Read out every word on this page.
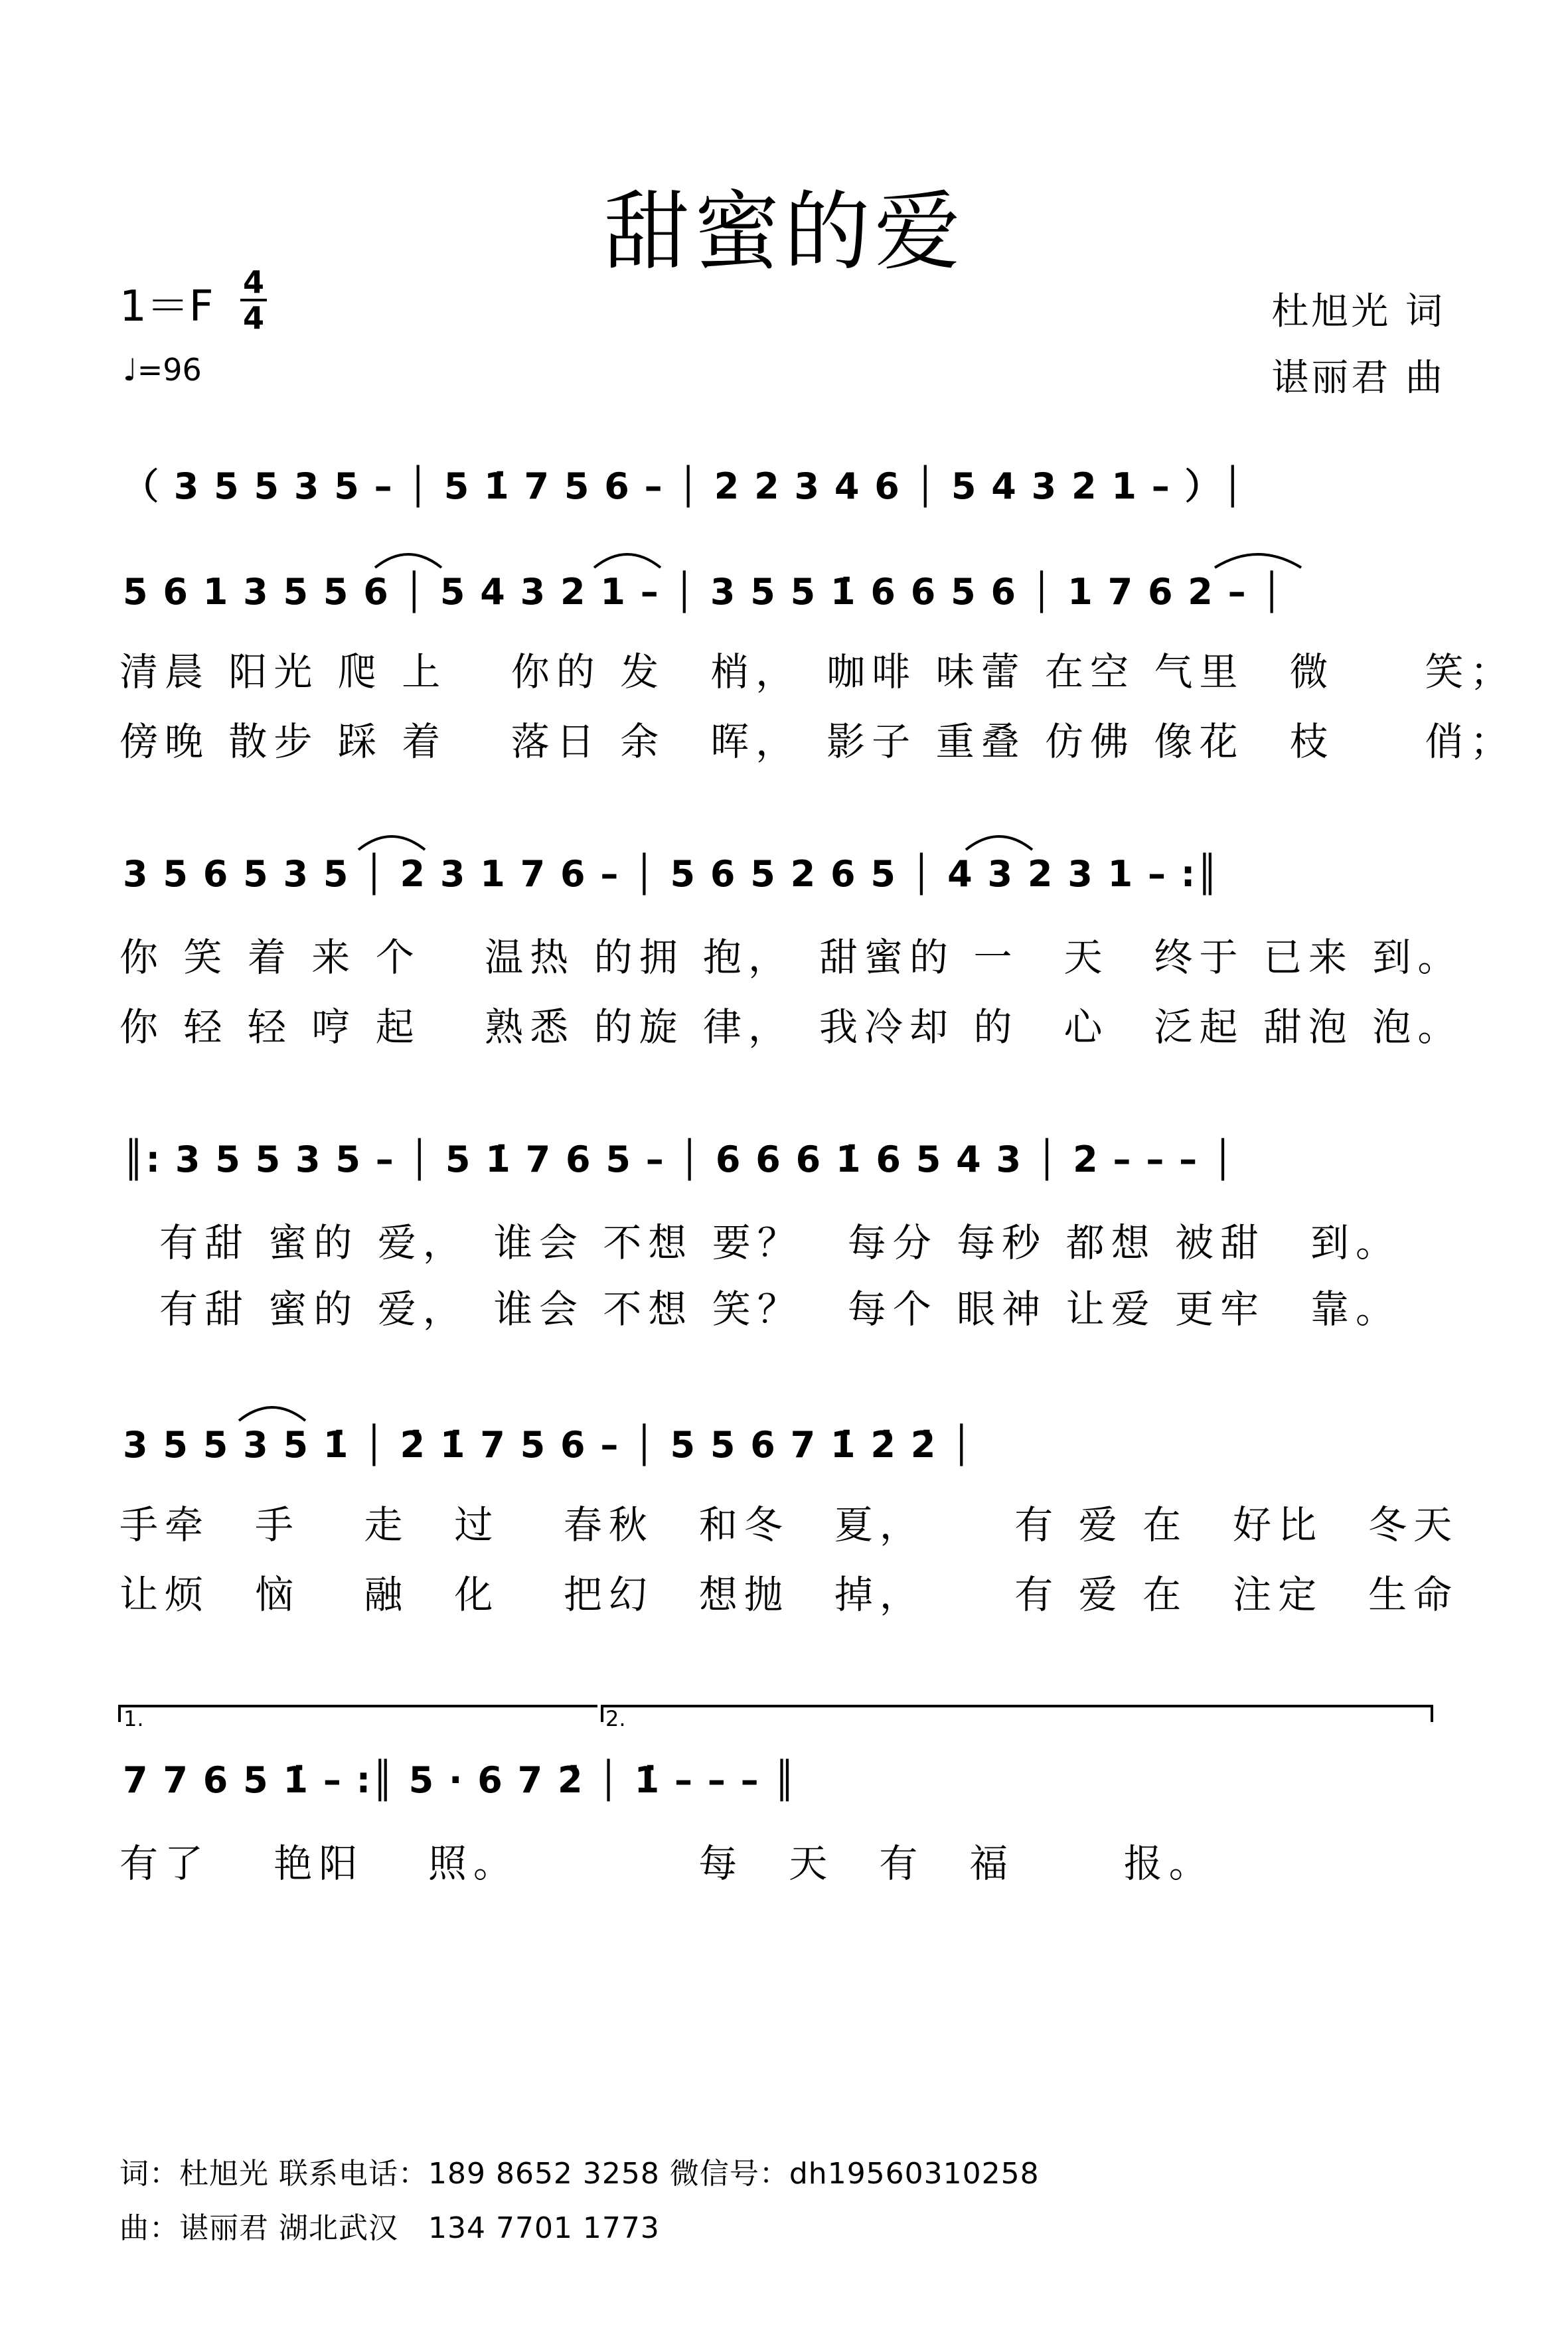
甜蜜的爱
1＝F 4
4
♩=96
杜旭光 词
谌丽君 曲
（ 3 5 5 3 5 – │ 5 1̇ 7 5 6 – │ 2 2 3 4 6 │ 5 4 3 2 1 – ）│
5 6 1 3 5 5 6 │ 5 4 3 2 1 – │ 3 5 5 1̇ 6 6 5 6 │ 1 7 6 2 – │
清晨 阳光 爬 上　 你的 发　梢，　咖啡 味蕾 在空 气里　微　　笑；
傍晚 散步 踩 着　 落日 余　晖，　影子 重叠 仿佛 像花　枝　　俏；
3 5 6 5 3 5 │ 2 3 1 7 6 – │ 5 6 5 2 6 5 │ 4 3 2 3 1 – :║
你 笑 着 来 个　 温热 的拥 抱，　甜蜜的 一　天　终于 已来 到。
你 轻 轻 哼 起　 熟悉 的旋 律，　我冷却 的　心　泛起 甜泡 泡。
║: 3 5 5 3 5 – │ 5 1̇ 7 6 5 – │ 6 6 6 1̇ 6 5 4 3 │ 2 – – – │
有甜 蜜的 爱，　谁会 不想 要？　每分 每秒 都想 被甜　到。
有甜 蜜的 爱，　谁会 不想 笑？　每个 眼神 让爱 更牢　靠。
3 5 5 3 5 1̇ │ 2̇ 1̇ 7 5 6 – │ 5 5 6 7 1̇ 2̇ 2̇ │
手牵　手　 走　过　 春秋　和冬　夏，　　 有 爱 在　好比　冬天
让烦　恼　 融　化　 把幻　想抛　掉，　　 有 爱 在　注定　生命
1.	2.
7 7 6 5 1̇ – :║ 5 · 6 7 2̇ │ 1̇ – – – ║
有了　 艳阳　 照。　　　　 每　天　有　福　　 报。
词：杜旭光 联系电话：189 8652 3258 微信号：dh19560310258
曲：谌丽君 湖北武汉　134 7701 1773
